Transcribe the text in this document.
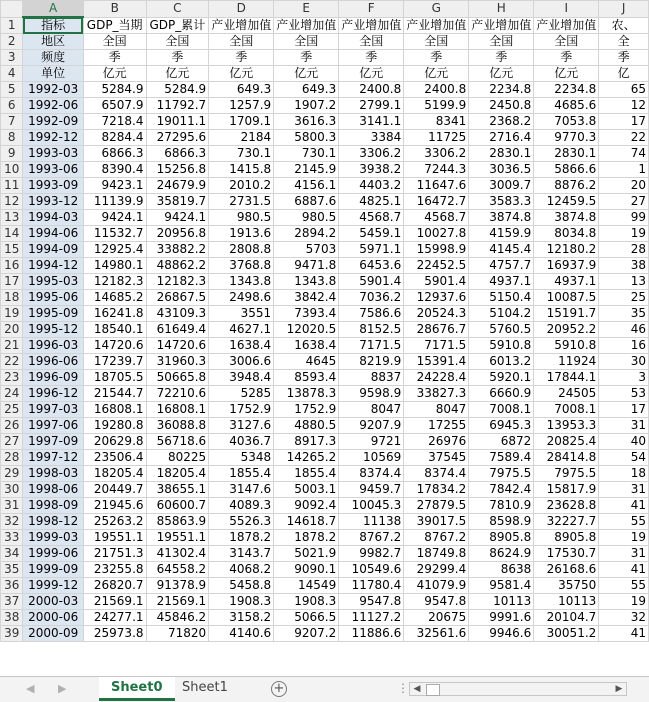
	A	B	C	D	E	F	G	H	I	J
1	指标	GDP_当期	GDP_累计	产业增加值	产业增加值	产业增加值	产业增加值	产业增加值	产业增加值	农、
2	地区	全国	全国	全国	全国	全国	全国	全国	全国	全
3	频度	季	季	季	季	季	季	季	季	季
4	单位	亿元	亿元	亿元	亿元	亿元	亿元	亿元	亿元	亿
5	1992-03	5284.9	5284.9	649.3	649.3	2400.8	2400.8	2234.8	2234.8	65
6	1992-06	6507.9	11792.7	1257.9	1907.2	2799.1	5199.9	2450.8	4685.6	12
7	1992-09	7218.4	19011.1	1709.1	3616.3	3141.1	8341	2368.2	7053.8	17
8	1992-12	8284.4	27295.6	2184	5800.3	3384	11725	2716.4	9770.3	22
9	1993-03	6866.3	6866.3	730.1	730.1	3306.2	3306.2	2830.1	2830.1	74
10	1993-06	8390.4	15256.8	1415.8	2145.9	3938.2	7244.3	3036.5	5866.6	1
11	1993-09	9423.1	24679.9	2010.2	4156.1	4403.2	11647.6	3009.7	8876.2	20
12	1993-12	11139.9	35819.7	2731.5	6887.6	4825.1	16472.7	3583.3	12459.5	27
13	1994-03	9424.1	9424.1	980.5	980.5	4568.7	4568.7	3874.8	3874.8	99
14	1994-06	11532.7	20956.8	1913.6	2894.2	5459.1	10027.8	4159.9	8034.8	19
15	1994-09	12925.4	33882.2	2808.8	5703	5971.1	15998.9	4145.4	12180.2	28
16	1994-12	14980.1	48862.2	3768.8	9471.8	6453.6	22452.5	4757.7	16937.9	38
17	1995-03	12182.3	12182.3	1343.8	1343.8	5901.4	5901.4	4937.1	4937.1	13
18	1995-06	14685.2	26867.5	2498.6	3842.4	7036.2	12937.6	5150.4	10087.5	25
19	1995-09	16241.8	43109.3	3551	7393.4	7586.6	20524.3	5104.2	15191.7	35
20	1995-12	18540.1	61649.4	4627.1	12020.5	8152.5	28676.7	5760.5	20952.2	46
21	1996-03	14720.6	14720.6	1638.4	1638.4	7171.5	7171.5	5910.8	5910.8	16
22	1996-06	17239.7	31960.3	3006.6	4645	8219.9	15391.4	6013.2	11924	30
23	1996-09	18705.5	50665.8	3948.4	8593.4	8837	24228.4	5920.1	17844.1	3
24	1996-12	21544.7	72210.6	5285	13878.3	9598.9	33827.3	6660.9	24505	53
25	1997-03	16808.1	16808.1	1752.9	1752.9	8047	8047	7008.1	7008.1	17
26	1997-06	19280.8	36088.8	3127.6	4880.5	9207.9	17255	6945.3	13953.3	31
27	1997-09	20629.8	56718.6	4036.7	8917.3	9721	26976	6872	20825.4	40
28	1997-12	23506.4	80225	5348	14265.2	10569	37545	7589.4	28414.8	54
29	1998-03	18205.4	18205.4	1855.4	1855.4	8374.4	8374.4	7975.5	7975.5	18
30	1998-06	20449.7	38655.1	3147.6	5003.1	9459.7	17834.2	7842.4	15817.9	31
31	1998-09	21945.6	60600.7	4089.3	9092.4	10045.3	27879.5	7810.9	23628.8	41
32	1998-12	25263.2	85863.9	5526.3	14618.7	11138	39017.5	8598.9	32227.7	55
33	1999-03	19551.1	19551.1	1878.2	1878.2	8767.2	8767.2	8905.8	8905.8	19
34	1999-06	21751.3	41302.4	3143.7	5021.9	9982.7	18749.8	8624.9	17530.7	31
35	1999-09	23255.8	64558.2	4068.2	9090.1	10549.6	29299.4	8638	26168.6	41
36	1999-12	26820.7	91378.9	5458.8	14549	11780.4	41079.9	9581.4	35750	55
37	2000-03	21569.1	21569.1	1908.3	1908.3	9547.8	9547.8	10113	10113	19
38	2000-06	24277.1	45846.2	3158.2	5066.5	11127.2	20675	9991.6	20104.7	32
39	2000-09	25973.8	71820	4140.6	9207.2	11886.6	32561.6	9946.6	30051.2	41
◀ ▶	Sheet0	Sheet1	+	⋮ ◀	▶
